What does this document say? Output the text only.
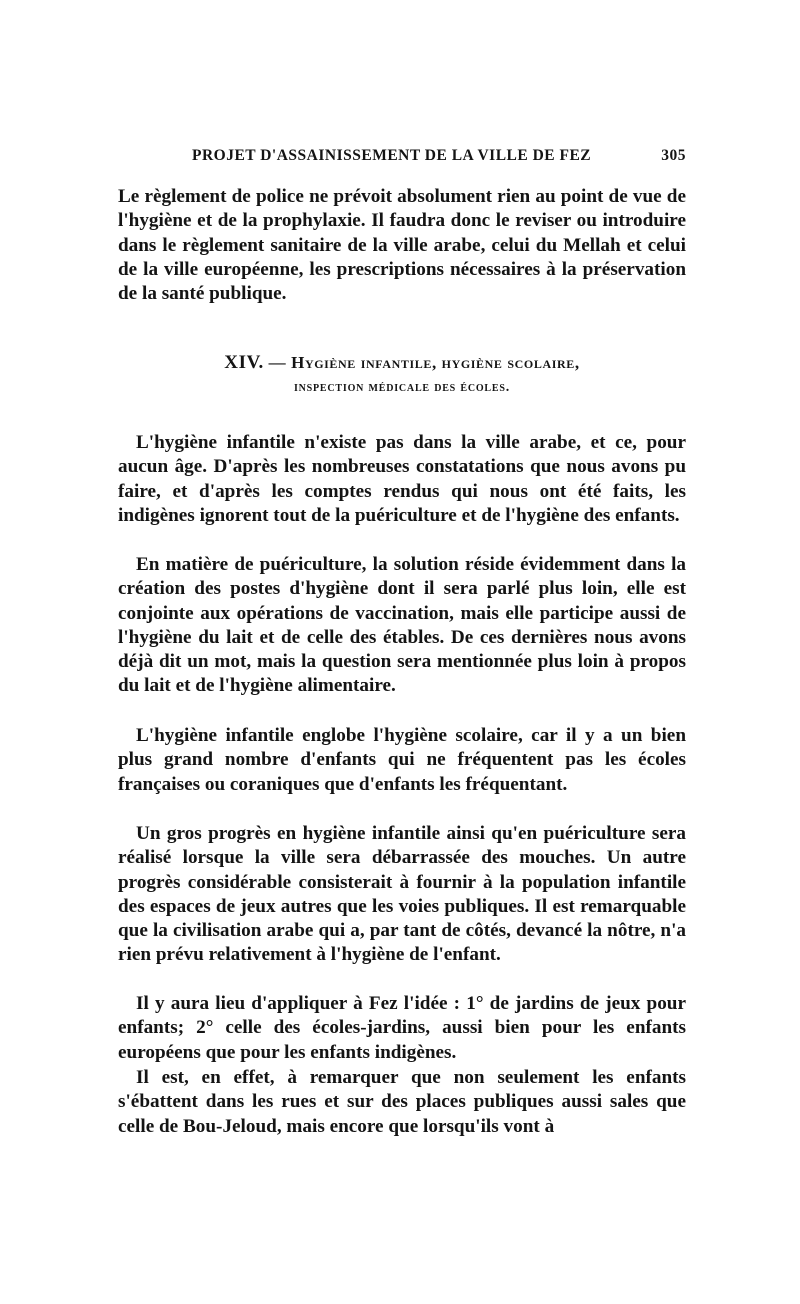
PROJET D'ASSAINISSEMENT DE LA VILLE DE FEZ	305

Le règlement de police ne prévoit absolument rien au point de vue de l'hygiène et de la prophylaxie. Il faudra donc le reviser ou introduire dans le règlement sanitaire de la ville arabe, celui du Mellah et celui de la ville européenne, les prescriptions nécessaires à la préservation de la santé publique.

XIV. — Hygiène infantile, hygiène scolaire,
inspection médicale des écoles.

L'hygiène infantile n'existe pas dans la ville arabe, et ce, pour aucun âge. D'après les nombreuses constatations que nous avons pu faire, et d'après les comptes rendus qui nous ont été faits, les indigènes ignorent tout de la puériculture et de l'hygiène des enfants.

En matière de puériculture, la solution réside évidemment dans la création des postes d'hygiène dont il sera parlé plus loin, elle est conjointe aux opérations de vaccination, mais elle participe aussi de l'hygiène du lait et de celle des étables. De ces dernières nous avons déjà dit un mot, mais la question sera mentionnée plus loin à propos du lait et de l'hygiène alimentaire.

L'hygiène infantile englobe l'hygiène scolaire, car il y a un bien plus grand nombre d'enfants qui ne fréquentent pas les écoles françaises ou coraniques que d'enfants les fréquentant.

Un gros progrès en hygiène infantile ainsi qu'en puériculture sera réalisé lorsque la ville sera débarrassée des mouches. Un autre progrès considérable consisterait à fournir à la population infantile des espaces de jeux autres que les voies publiques. Il est remarquable que la civilisation arabe qui a, par tant de côtés, devancé la nôtre, n'a rien prévu relativement à l'hygiène de l'enfant.

Il y aura lieu d'appliquer à Fez l'idée : 1° de jardins de jeux pour enfants; 2° celle des écoles-jardins, aussi bien pour les enfants européens que pour les enfants indigènes.

Il est, en effet, à remarquer que non seulement les enfants s'ébattent dans les rues et sur des places publiques aussi sales que celle de Bou-Jeloud, mais encore que lorsqu'ils vont à
